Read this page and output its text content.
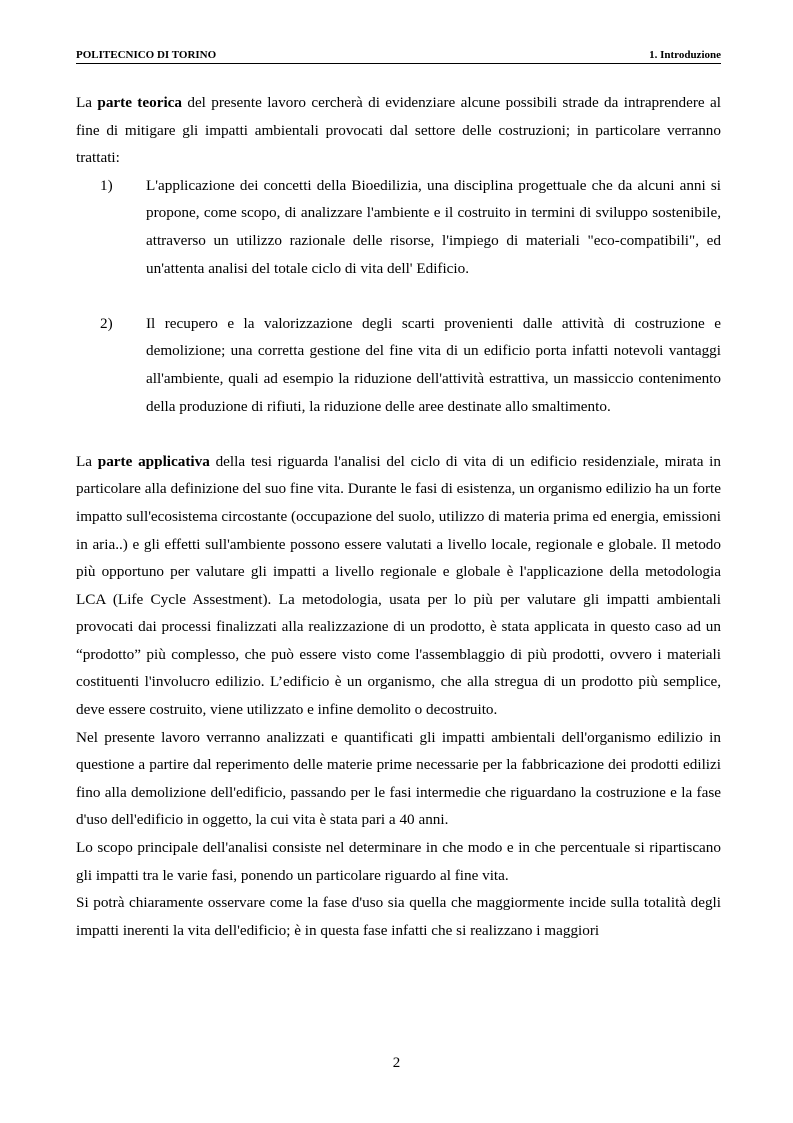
POLITECNICO DI TORINO	1. Introduzione

La parte teorica del presente lavoro cercherà di evidenziare alcune possibili strade da intraprendere al fine di mitigare gli impatti ambientali provocati dal settore delle costruzioni; in particolare verranno trattati:

1)	L'applicazione dei concetti della Bioedilizia, una disciplina progettuale che da alcuni anni si propone, come scopo, di analizzare l'ambiente e il costruito in termini di sviluppo sostenibile, attraverso un utilizzo razionale delle risorse, l'impiego di materiali "eco-compatibili", ed un'attenta analisi del totale ciclo di vita dell' Edificio.
2)	Il recupero e la valorizzazione degli scarti provenienti dalle attività di costruzione e demolizione; una corretta gestione del fine vita di un edificio porta infatti notevoli vantaggi all'ambiente, quali ad esempio la riduzione dell'attività estrattiva, un massiccio contenimento della produzione di rifiuti, la riduzione delle aree destinate allo smaltimento.

La parte applicativa della tesi riguarda l'analisi del ciclo di vita di un edificio residenziale, mirata in particolare alla definizione del suo fine vita. Durante le fasi di esistenza, un organismo edilizio ha un forte impatto sull'ecosistema circostante (occupazione del suolo, utilizzo di materia prima ed energia, emissioni in aria..) e gli effetti sull'ambiente possono essere valutati a livello locale, regionale e globale. Il metodo più opportuno per valutare gli impatti a livello regionale e globale è l'applicazione della metodologia LCA (Life Cycle Assestment). La metodologia, usata per lo più per valutare gli impatti ambientali provocati dai processi finalizzati alla realizzazione di un prodotto, è stata applicata in questo caso ad un “prodotto” più complesso, che può essere visto come l'assemblaggio di più prodotti, ovvero i materiali costituenti l'involucro edilizio. L’edificio è un organismo, che alla stregua di un prodotto più semplice, deve essere costruito, viene utilizzato e infine demolito o decostruito.

Nel presente lavoro verranno analizzati e quantificati gli impatti ambientali dell'organismo edilizio in questione a partire dal reperimento delle materie prime necessarie per la fabbricazione dei prodotti edilizi fino alla demolizione dell'edificio, passando per le fasi intermedie che riguardano la costruzione e la fase d'uso dell'edificio in oggetto, la cui vita è stata pari a 40 anni.

Lo scopo principale dell'analisi consiste nel determinare in che modo e in che percentuale si ripartiscano gli impatti tra le varie fasi, ponendo un particolare riguardo al fine vita.

Si potrà chiaramente osservare come la fase d'uso sia quella che maggiormente incide sulla totalità degli impatti inerenti la vita dell'edificio; è in questa fase infatti che si realizzano i maggiori

2
